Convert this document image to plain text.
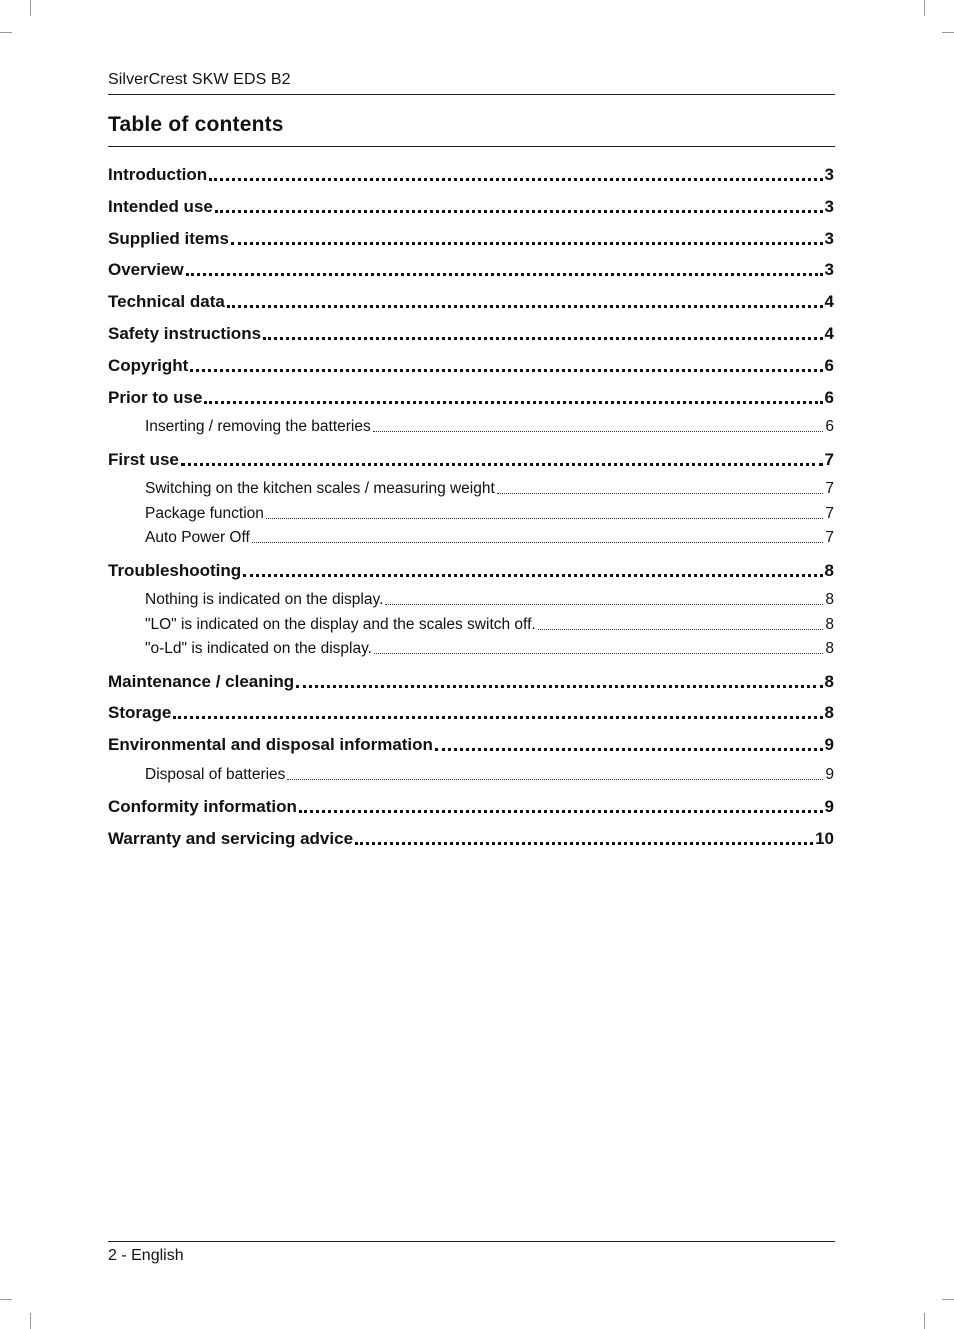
SilverCrest SKW EDS B2
Table of contents
Introduction	3
Intended use	3
Supplied items	3
Overview	3
Technical data	4
Safety instructions	4
Copyright	6
Prior to use	6
Inserting / removing the batteries	6
First use	7
Switching on the kitchen scales / measuring weight	7
Package function	7
Auto Power Off	7
Troubleshooting	8
Nothing is indicated on the display.	8
"LO" is indicated on the display and the scales switch off.	8
"o-Ld" is indicated on the display.	8
Maintenance / cleaning	8
Storage	8
Environmental and disposal information	9
Disposal of batteries	9
Conformity information	9
Warranty and servicing advice	10
2 - English
